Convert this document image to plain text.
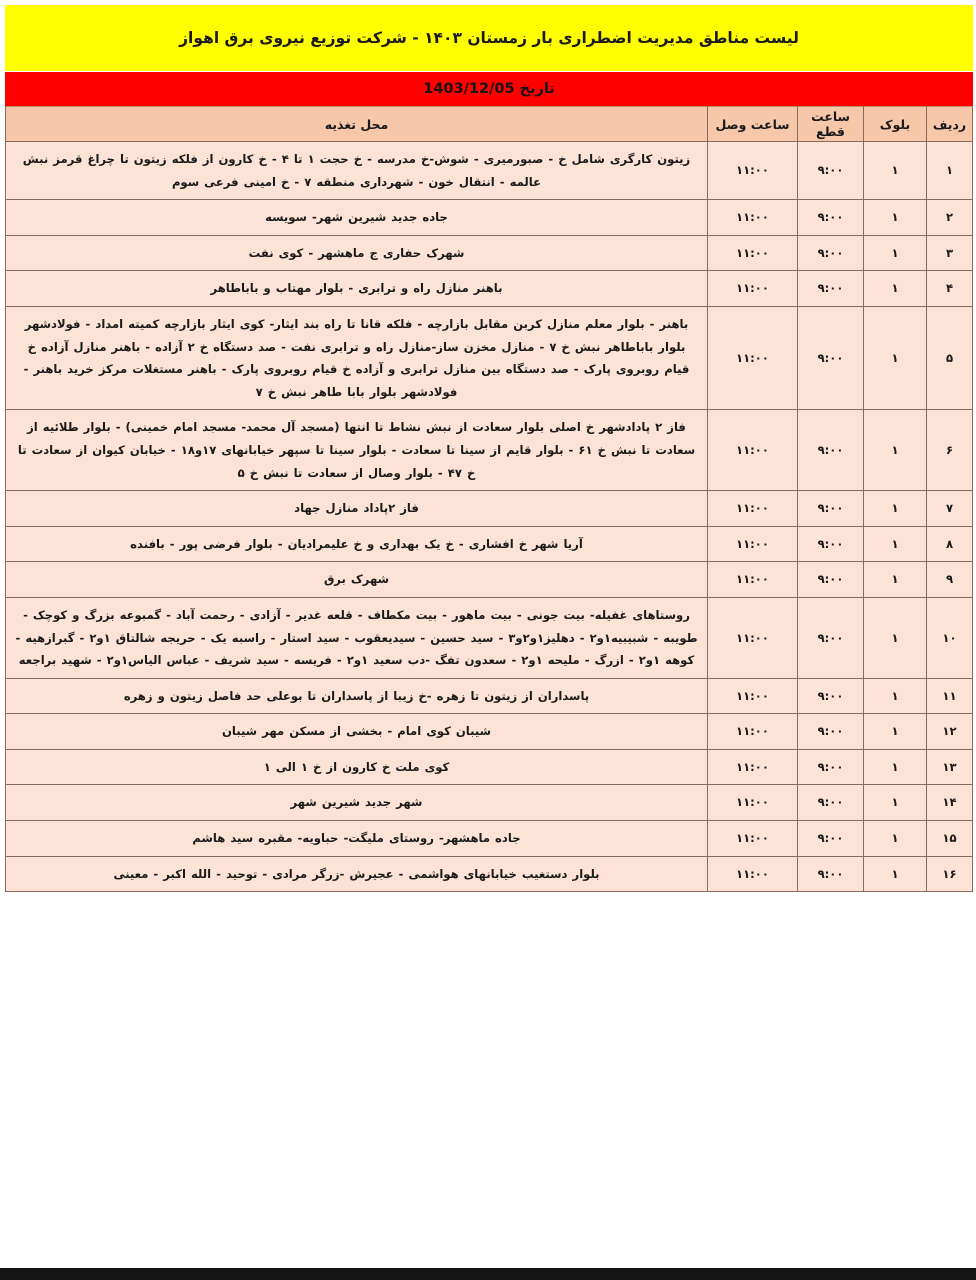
لیست مناطق مدیریت اضطراری بار زمستان ۱۴۰۳ - شرکت توزیع نیروی برق اهواز
تاریخ 1403/12/05
ردیف	بلوک	ساعت قطع	ساعت وصل	محل تغذیه
۱	۱	۹:۰۰	۱۱:۰۰	زیتون کارگری شامل خ - صبورمیری - شوش-خ مدرسه - خ حجت ۱ تا ۴ - خ کارون از فلکه زیتون تا چراغ قرمز نبش عالمه - انتقال خون - شهرداری منطقه ۷ - خ امینی فرعی سوم
۲	۱	۹:۰۰	۱۱:۰۰	جاده جدید شیرین شهر- سویسه
۳	۱	۹:۰۰	۱۱:۰۰	شهرک حفاری ج ماهشهر - کوی نفت
۴	۱	۹:۰۰	۱۱:۰۰	باهنر منازل راه و ترابری - بلوار مهتاب و باباطاهر
۵	۱	۹:۰۰	۱۱:۰۰	باهنر - بلوار معلم منازل کربن مقابل بازارچه - فلکه قانا تا راه بند ایثار- کوی ایثار بازارچه کمیته امداد - فولادشهر بلوار باباطاهر نبش خ ۷ - منازل مخزن ساز-منازل راه و ترابری نفت - صد دستگاه خ ۲ آزاده - باهنر منازل آزاده خ قیام روبروی پارک - صد دستگاه بین منازل ترابری و آزاده خ قیام روبروی پارک - باهنر مستغلات مرکز خرید باهنر - فولادشهر بلوار بابا طاهر نبش خ ۷
۶	۱	۹:۰۰	۱۱:۰۰	فاز ۲ پاداد‌شهر خ اصلی بلوار سعادت از نبش نشاط تا انتها (مسجد آل محمد- مسجد امام خمینی) - بلوار طلائیه از سعادت تا نبش خ ۶۱ - بلوار قایم از سینا تا سعادت - بلوار سینا تا سپهر خیابانهای ۱۷و۱۸ - خیابان کیوان از سعادت تا خ ۴۷ - بلوار وصال از سعادت تا نبش خ ۵
۷	۱	۹:۰۰	۱۱:۰۰	فاز ۲پاداد منازل جهاد
۸	۱	۹:۰۰	۱۱:۰۰	آریا شهر خ افشاری - خ یک بهداری و خ علیمرادیان - بلوار فرضی پور - بافنده
۹	۱	۹:۰۰	۱۱:۰۰	شهرک برق
۱۰	۱	۹:۰۰	۱۱:۰۰	روستاهای غفیله- بیت جونی - بیت ماهور - بیت مکطاف - قلعه غدیر - آزادی - رحمت آباد - گمبوعه بزرگ و کوچک - طویبه - شبیبیه۱و۲ - دهلیز۱و۲و۳ - سید حسین - سیدیعقوب - سید استار - راسبه یک - حریجه شالتاق ۱و۲ - گبرازهیه - کوهه ۱و۲ - ازرگ - ملیحه ۱و۲ - سعدون تفگ -دب سعید ۱و۲ - فریسه - سید شریف - عباس الیاس۱و۲ - شهید براجعه
۱۱	۱	۹:۰۰	۱۱:۰۰	پاسداران از زیتون تا زهره -خ زیبا از پاسداران تا بوعلی حد فاصل زیتون و زهره
۱۲	۱	۹:۰۰	۱۱:۰۰	شیبان کوی امام - بخشی از مسکن مهر شیبان
۱۳	۱	۹:۰۰	۱۱:۰۰	کوی ملت خ کارون از خ ۱ الی ۱
۱۴	۱	۹:۰۰	۱۱:۰۰	شهر جدید شیرین شهر
۱۵	۱	۹:۰۰	۱۱:۰۰	جاده ماهشهر- روستای ملیگت- حباویه- مقبره سید هاشم
۱۶	۱	۹:۰۰	۱۱:۰۰	بلوار دستغیب خیابانهای هواشمی - عجیرش -زرگر مرادی - توحید - الله اکبر - معینی
